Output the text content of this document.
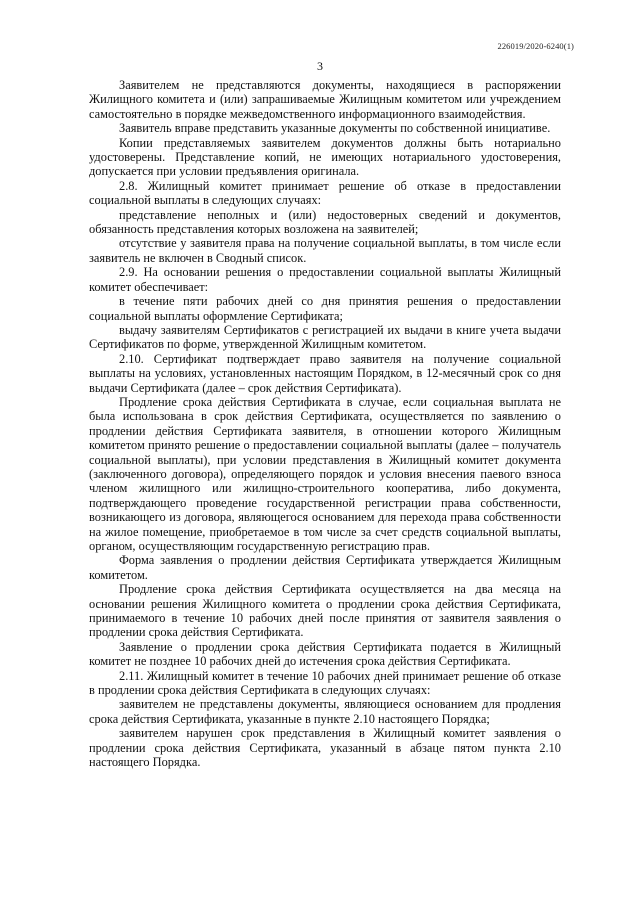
226019/2020-6240(1)
3

Заявителем не представляются документы, находящиеся в распоряжении Жилищного комитета и (или) запрашиваемые Жилищным комитетом или учреждением самостоятельно в порядке межведомственного информационного взаимодействия.

Заявитель вправе представить указанные документы по собственной инициативе.

Копии представляемых заявителем документов должны быть нотариально удостоверены. Представление копий, не имеющих нотариального удостоверения, допускается при условии предъявления оригинала.

2.8. Жилищный комитет принимает решение об отказе в предоставлении социальной выплаты в следующих случаях:

представление неполных и (или) недостоверных сведений и документов, обязанность представления которых возложена на заявителей;

отсутствие у заявителя права на получение социальной выплаты, в том числе если заявитель не включен в Сводный список.

2.9. На основании решения о предоставлении социальной выплаты Жилищный комитет обеспечивает:

в течение пяти рабочих дней со дня принятия решения о предоставлении социальной выплаты оформление Сертификата;

выдачу заявителям Сертификатов с регистрацией их выдачи в книге учета выдачи Сертификатов по форме, утвержденной Жилищным комитетом.

2.10. Сертификат подтверждает право заявителя на получение социальной выплаты на условиях, установленных настоящим Порядком, в 12-месячный срок со дня выдачи Сертификата (далее – срок действия Сертификата).

Продление срока действия Сертификата в случае, если социальная выплата не была использована в срок действия Сертификата, осуществляется по заявлению о продлении действия Сертификата заявителя, в отношении которого Жилищным комитетом принято решение о предоставлении социальной выплаты (далее – получатель социальной выплаты), при условии представления в Жилищный комитет документа (заключенного договора), определяющего порядок и условия внесения паевого взноса членом жилищного или жилищно-строительного кооператива, либо документа, подтверждающего проведение государственной регистрации права собственности, возникающего из договора, являющегося основанием для перехода права собственности на жилое помещение, приобретаемое в том числе за счет средств социальной выплаты, органом, осуществляющим государственную регистрацию прав.

Форма заявления о продлении действия Сертификата утверждается Жилищным комитетом.

Продление срока действия Сертификата осуществляется на два месяца на основании решения Жилищного комитета о продлении срока действия Сертификата, принимаемого в течение 10 рабочих дней после принятия от заявителя заявления о продлении срока действия Сертификата.

Заявление о продлении срока действия Сертификата подается в Жилищный комитет не позднее 10 рабочих дней до истечения срока действия Сертификата.

2.11. Жилищный комитет в течение 10 рабочих дней принимает решение об отказе в продлении срока действия Сертификата в следующих случаях:

заявителем не представлены документы, являющиеся основанием для продления срока действия Сертификата, указанные в пункте 2.10 настоящего Порядка;

заявителем нарушен срок представления в Жилищный комитет заявления о продлении срока действия Сертификата, указанный в абзаце пятом пункта 2.10 настоящего Порядка.
